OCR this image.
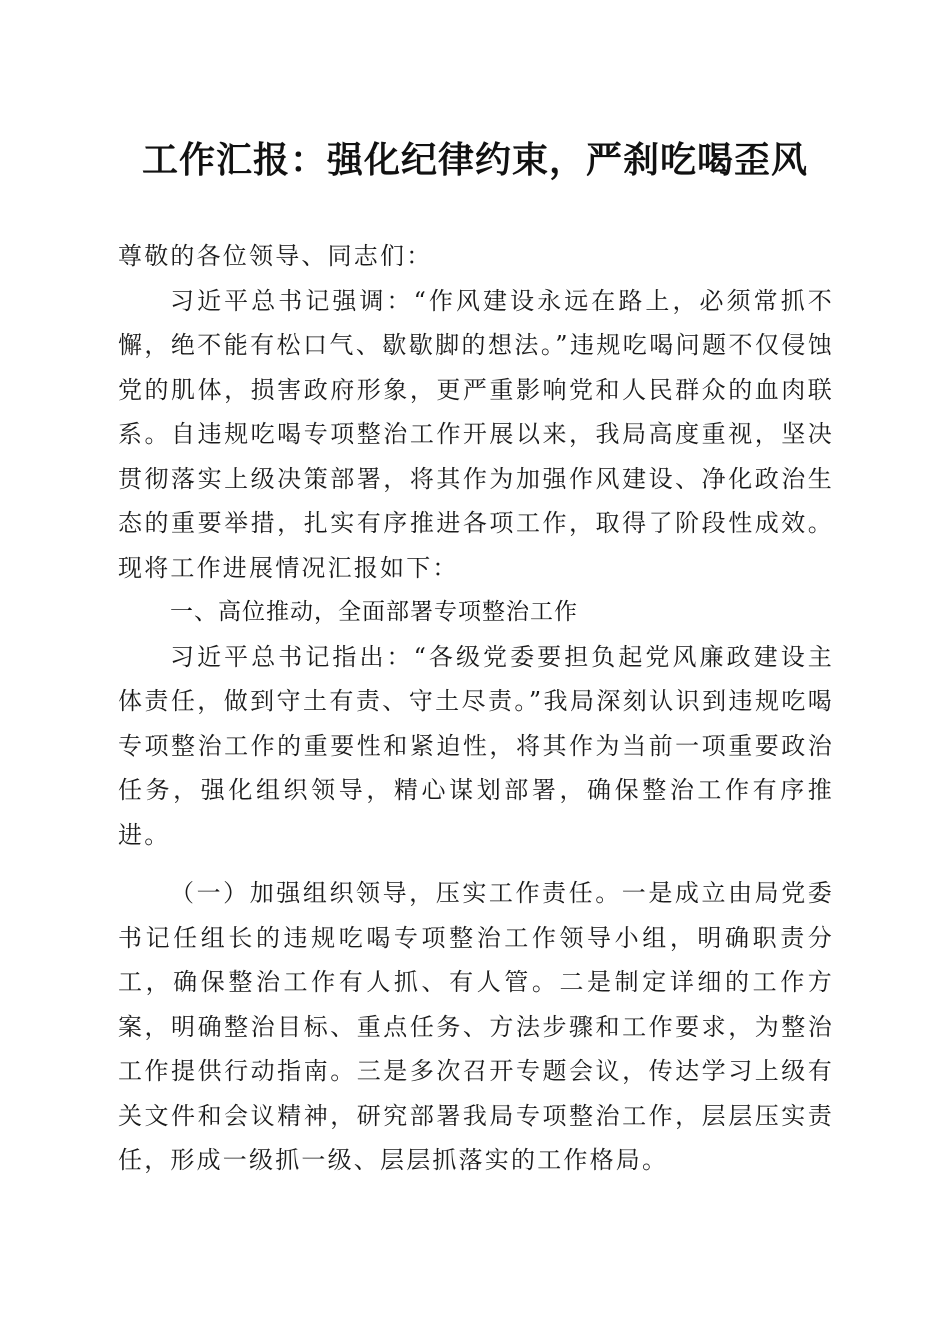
工作汇报：强化纪律约束，严刹吃喝歪风

尊敬的各位领导、同志们：

习近平总书记强调：“作风建设永远在路上，必须常抓不懈，绝不能有松口气、歇歇脚的想法。”违规吃喝问题不仅侵蚀党的肌体，损害政府形象，更严重影响党和人民群众的血肉联系。自违规吃喝专项整治工作开展以来，我局高度重视，坚决贯彻落实上级决策部署，将其作为加强作风建设、净化政治生态的重要举措，扎实有序推进各项工作，取得了阶段性成效。现将工作进展情况汇报如下：

一、高位推动，全面部署专项整治工作

习近平总书记指出：“各级党委要担负起党风廉政建设主体责任，做到守土有责、守土尽责。”我局深刻认识到违规吃喝专项整治工作的重要性和紧迫性，将其作为当前一项重要政治任务，强化组织领导，精心谋划部署，确保整治工作有序推进。

（一）加强组织领导，压实工作责任。一是成立由局党委书记任组长的违规吃喝专项整治工作领导小组，明确职责分工，确保整治工作有人抓、有人管。二是制定详细的工作方案，明确整治目标、重点任务、方法步骤和工作要求，为整治工作提供行动指南。三是多次召开专题会议，传达学习上级有关文件和会议精神，研究部署我局专项整治工作，层层压实责任，形成一级抓一级、层层抓落实的工作格局。
